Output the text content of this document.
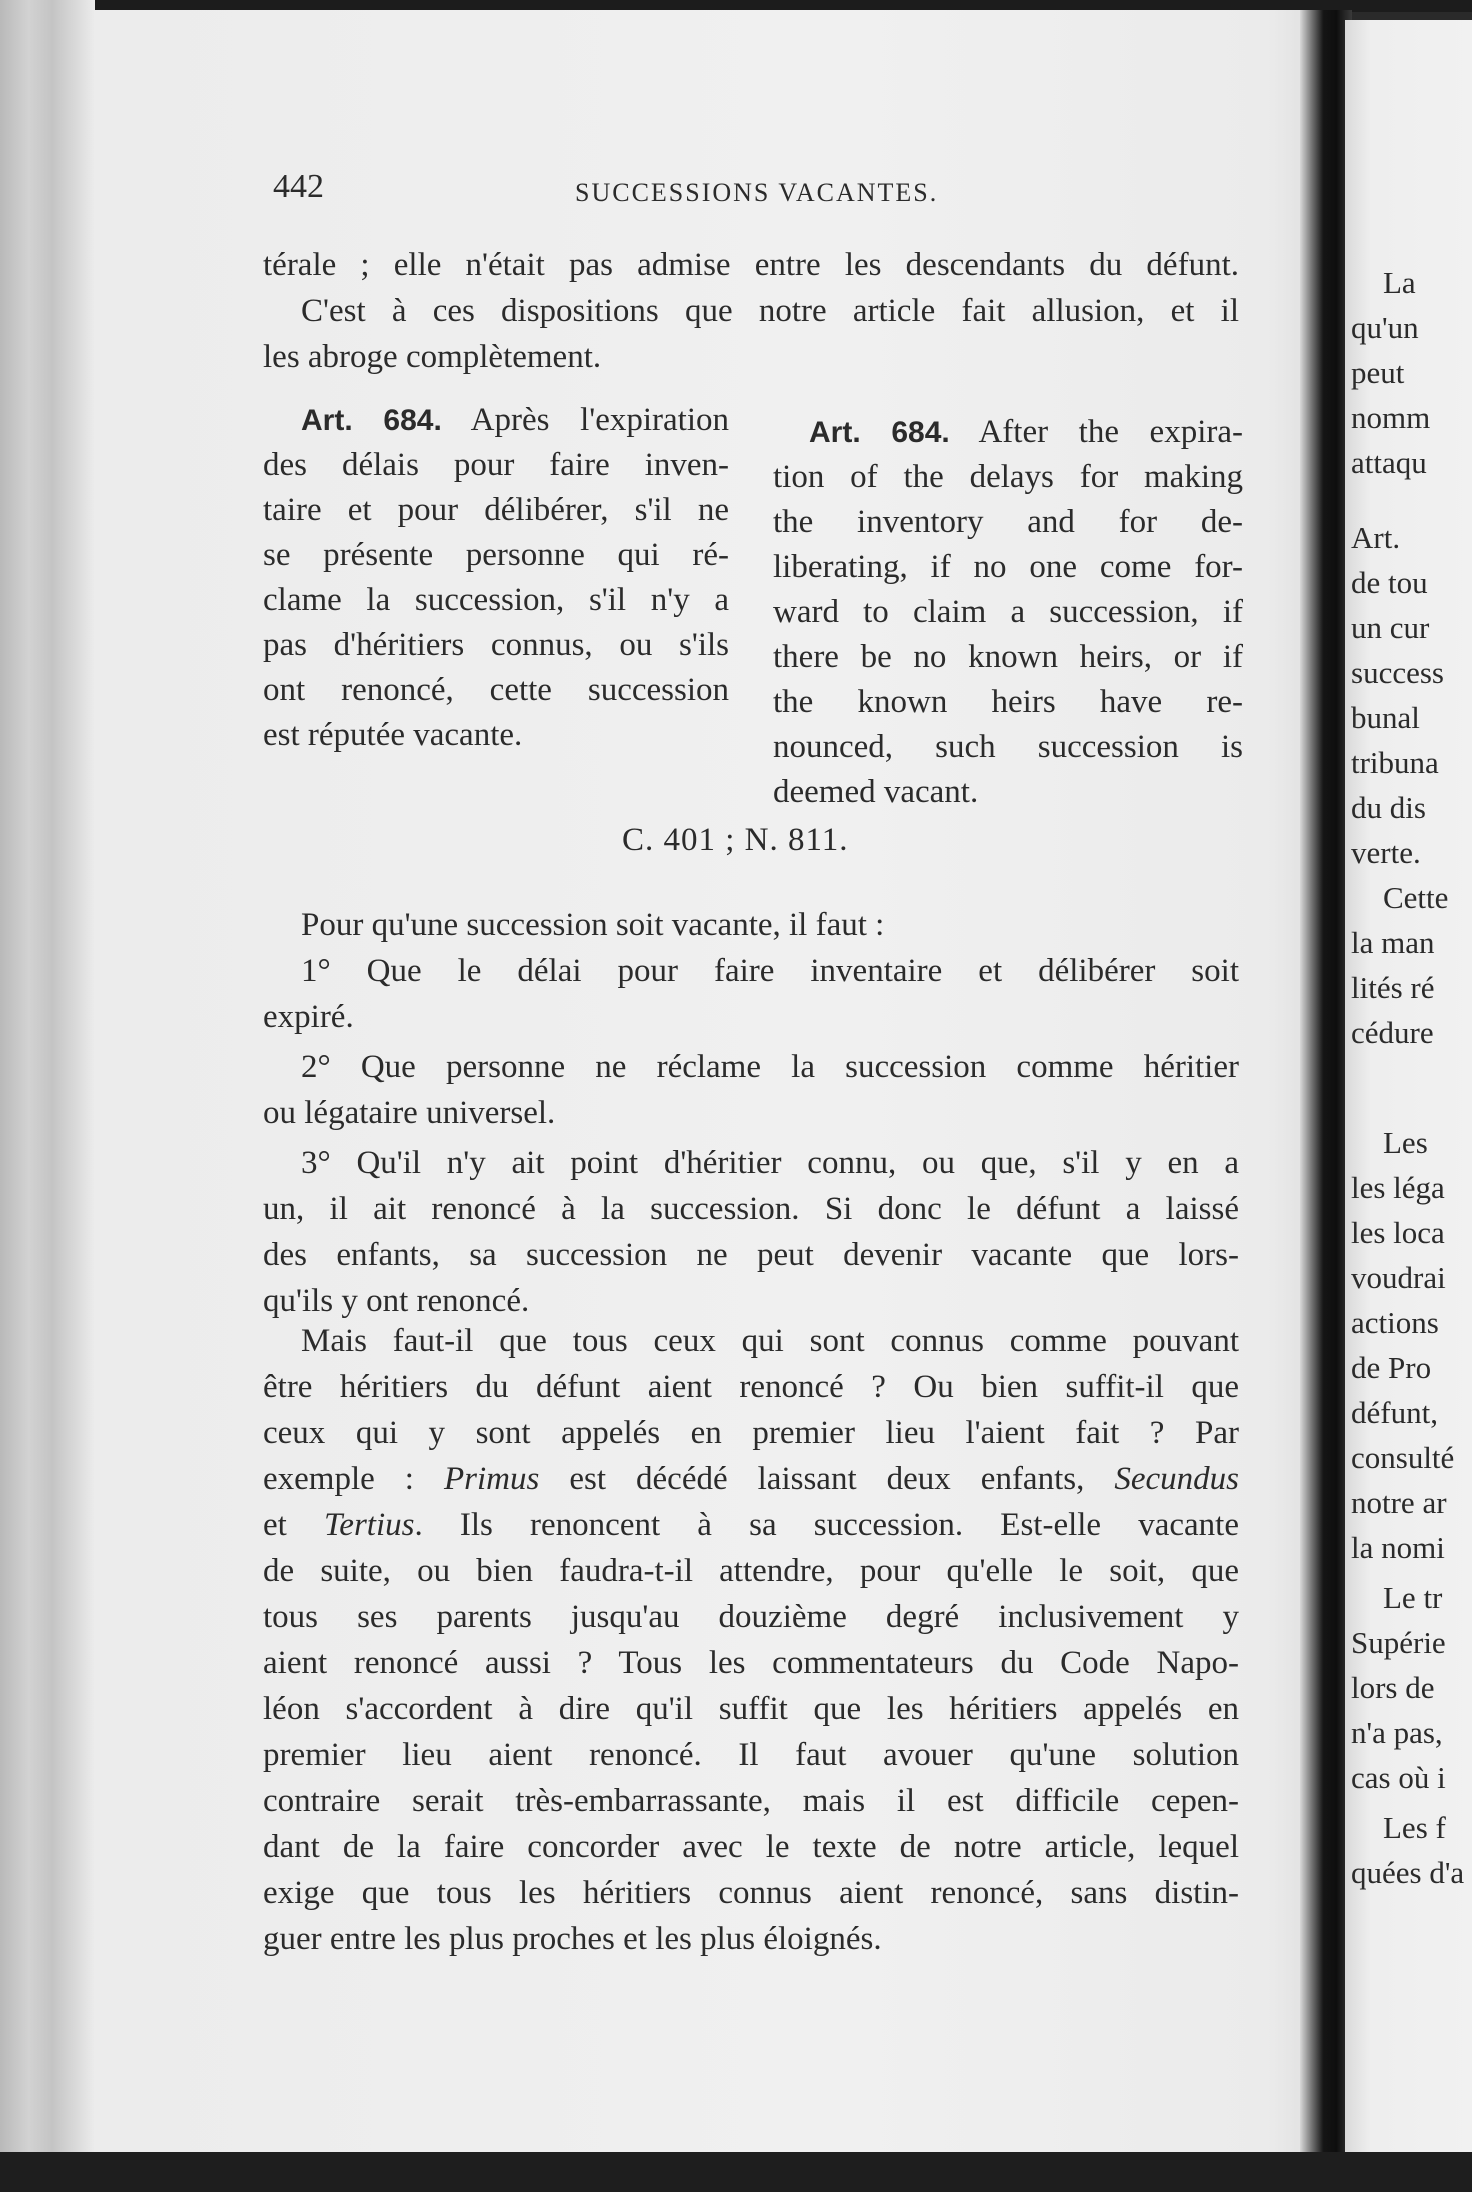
442	SUCCESSIONS VACANTES.

térale ; elle n'était pas admise entre les descendants du défunt.
C'est à ces dispositions que notre article fait allusion, et il
les abroge complètement.

Art. 684. Après l'expiration
des délais pour faire inven-
taire et pour délibérer, s'il ne
se présente personne qui ré-
clame la succession, s'il n'y a
pas d'héritiers connus, ou s'ils
ont renoncé, cette succession
est réputée vacante.
Art. 684. After the expira-
tion of the delays for making
the inventory and for de-
liberating, if no one come for-
ward to claim a succession, if
there be no known heirs, or if
the known heirs have re-
nounced, such succession is
deemed vacant.
C. 401 ; N. 811.

Pour qu'une succession soit vacante, il faut :
1° Que le délai pour faire inventaire et délibérer soit
expiré.
2° Que personne ne réclame la succession comme héritier
ou légataire universel.
3° Qu'il n'y ait point d'héritier connu, ou que, s'il y en a
un, il ait renoncé à la succession. Si donc le défunt a laissé
des enfants, sa succession ne peut devenir vacante que lors-
qu'ils y ont renoncé.

Mais faut-il que tous ceux qui sont connus comme pouvant
être héritiers du défunt aient renoncé ? Ou bien suffit-il que
ceux qui y sont appelés en premier lieu l'aient fait ? Par
exemple : Primus est décédé laissant deux enfants, Secundus
et Tertius. Ils renoncent à sa succession. Est-elle vacante
de suite, ou bien faudra-t-il attendre, pour qu'elle le soit, que
tous ses parents jusqu'au douzième degré inclusivement y
aient renoncé aussi ? Tous les commentateurs du Code Napo-
léon s'accordent à dire qu'il suffit que les héritiers appelés en
premier lieu aient renoncé. Il faut avouer qu'une solution
contraire serait très-embarrassante, mais il est difficile cepen-
dant de la faire concorder avec le texte de notre article, lequel
exige que tous les héritiers connus aient renoncé, sans distin-
guer entre les plus proches et les plus éloignés.

La
qu'un
peut
nomm
attaqu
Art.
de tou
un cur
success
bunal
tribuna
du dis
verte.
Cette
la man
lités ré
cédure
Les
les léga
les loca
voudrai
actions
de Pro
défunt,
consulté
notre ar
la nomi
Le tr
Supérie
lors de
n'a pas,
cas où i
Les f
quées d'a
